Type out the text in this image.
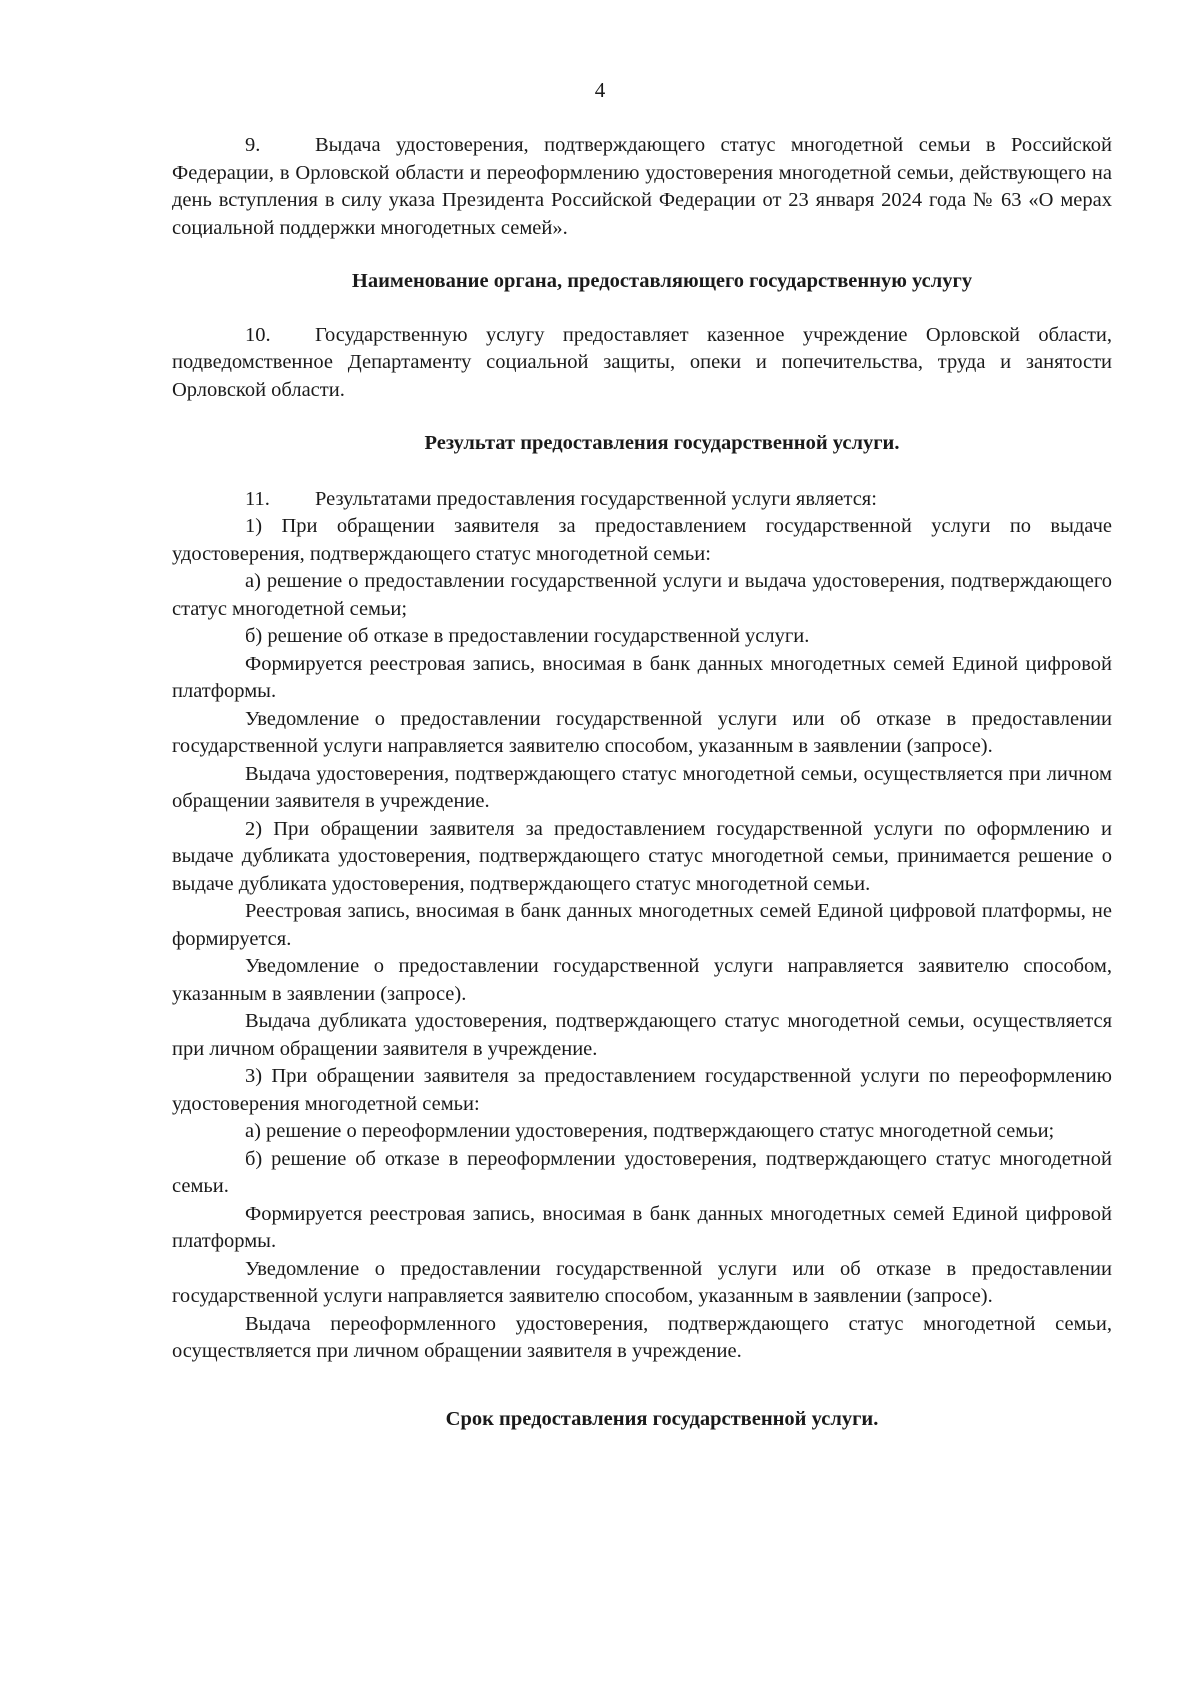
4

9.	Выдача удостоверения, подтверждающего статус многодетной семьи в Российской Федерации, в Орловской области и переоформлению удостоверения многодетной семьи, действующего на день вступления в силу указа Президента Российской Федерации от 23 января 2024 года № 63 «О мерах социальной поддержки многодетных семей».

Наименование органа, предоставляющего государственную услугу

10. Государственную услугу предоставляет казенное учреждение Орловской области, подведомственное Департаменту социальной защиты, опеки и попечительства, труда и занятости Орловской области.

Результат предоставления государственной услуги.

11. Результатами предоставления государственной услуги является:

1) При обращении заявителя за предоставлением государственной услуги по выдаче удостоверения, подтверждающего статус многодетной семьи:

а) решение о предоставлении государственной услуги и выдача удостоверения, подтверждающего статус многодетной семьи;

б) решение об отказе в предоставлении государственной услуги.

Формируется реестровая запись, вносимая в банк данных многодетных семей Единой цифровой платформы.

Уведомление о предоставлении государственной услуги или об отказе в предоставлении государственной услуги направляется заявителю способом, указанным в заявлении (запросе).

Выдача удостоверения, подтверждающего статус многодетной семьи, осуществляется при личном обращении заявителя в учреждение.

2) При обращении заявителя за предоставлением государственной услуги по оформлению и выдаче дубликата удостоверения, подтверждающего статус многодетной семьи, принимается решение о выдаче дубликата удостоверения, подтверждающего статус многодетной семьи.

Реестровая запись, вносимая в банк данных многодетных семей Единой цифровой платформы, не формируется.

Уведомление о предоставлении государственной услуги направляется заявителю способом, указанным в заявлении (запросе).

Выдача дубликата удостоверения, подтверждающего статус многодетной семьи, осуществляется при личном обращении заявителя в учреждение.

3) При обращении заявителя за предоставлением государственной услуги по переоформлению удостоверения многодетной семьи:

а) решение о переоформлении удостоверения, подтверждающего статус многодетной семьи;

б) решение об отказе в переоформлении удостоверения, подтверждающего статус многодетной семьи.

Формируется реестровая запись, вносимая в банк данных многодетных семей Единой цифровой платформы.

Уведомление о предоставлении государственной услуги или об отказе в предоставлении государственной услуги направляется заявителю способом, указанным в заявлении (запросе).

Выдача переоформленного удостоверения, подтверждающего статус многодетной семьи, осуществляется при личном обращении заявителя в учреждение.

Срок предоставления государственной услуги.
